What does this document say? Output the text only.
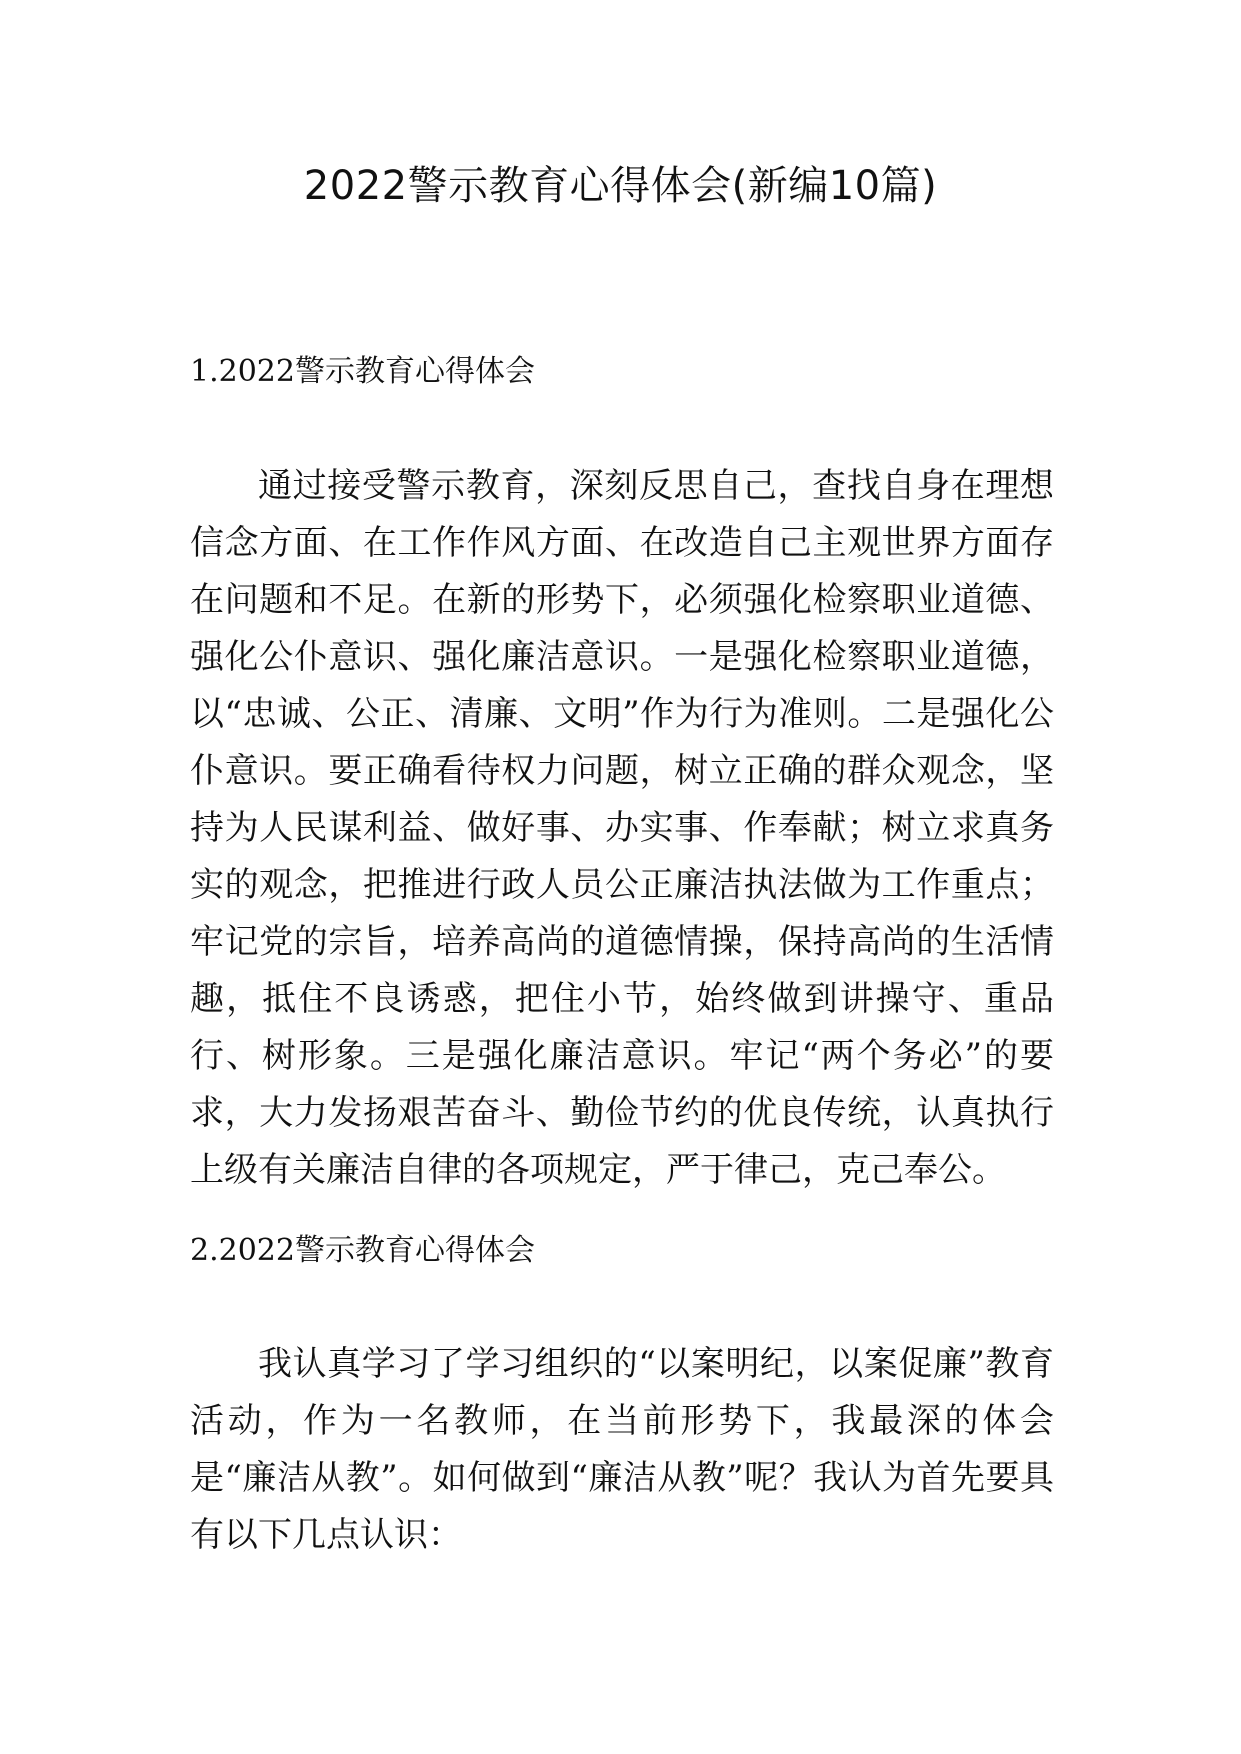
2022警示教育心得体会(新编10篇)
1.2022警示教育心得体会

通过接受警示教育，深刻反思自己，查找自身在理想信念方面、在工作作风方面、在改造自己主观世界方面存在问题和不足。在新的形势下，必须强化检察职业道德、强化公仆意识、强化廉洁意识。一是强化检察职业道德，以“忠诚、公正、清廉、文明”作为行为准则。二是强化公仆意识。要正确看待权力问题，树立正确的群众观念，坚持为人民谋利益、做好事、办实事、作奉献；树立求真务实的观念，把推进行政人员公正廉洁执法做为工作重点；牢记党的宗旨，培养高尚的道德情操，保持高尚的生活情趣，抵住不良诱惑，把住小节，始终做到讲操守、重品行、树形象。三是强化廉洁意识。牢记“两个务必”的要求，大力发扬艰苦奋斗、勤俭节约的优良传统，认真执行上级有关廉洁自律的各项规定，严于律己，克己奉公。

2.2022警示教育心得体会

我认真学习了学习组织的“以案明纪，以案促廉”教育活动，作为一名教师，在当前形势下，我最深的体会是“廉洁从教”。如何做到“廉洁从教”呢？我认为首先要具有以下几点认识：
